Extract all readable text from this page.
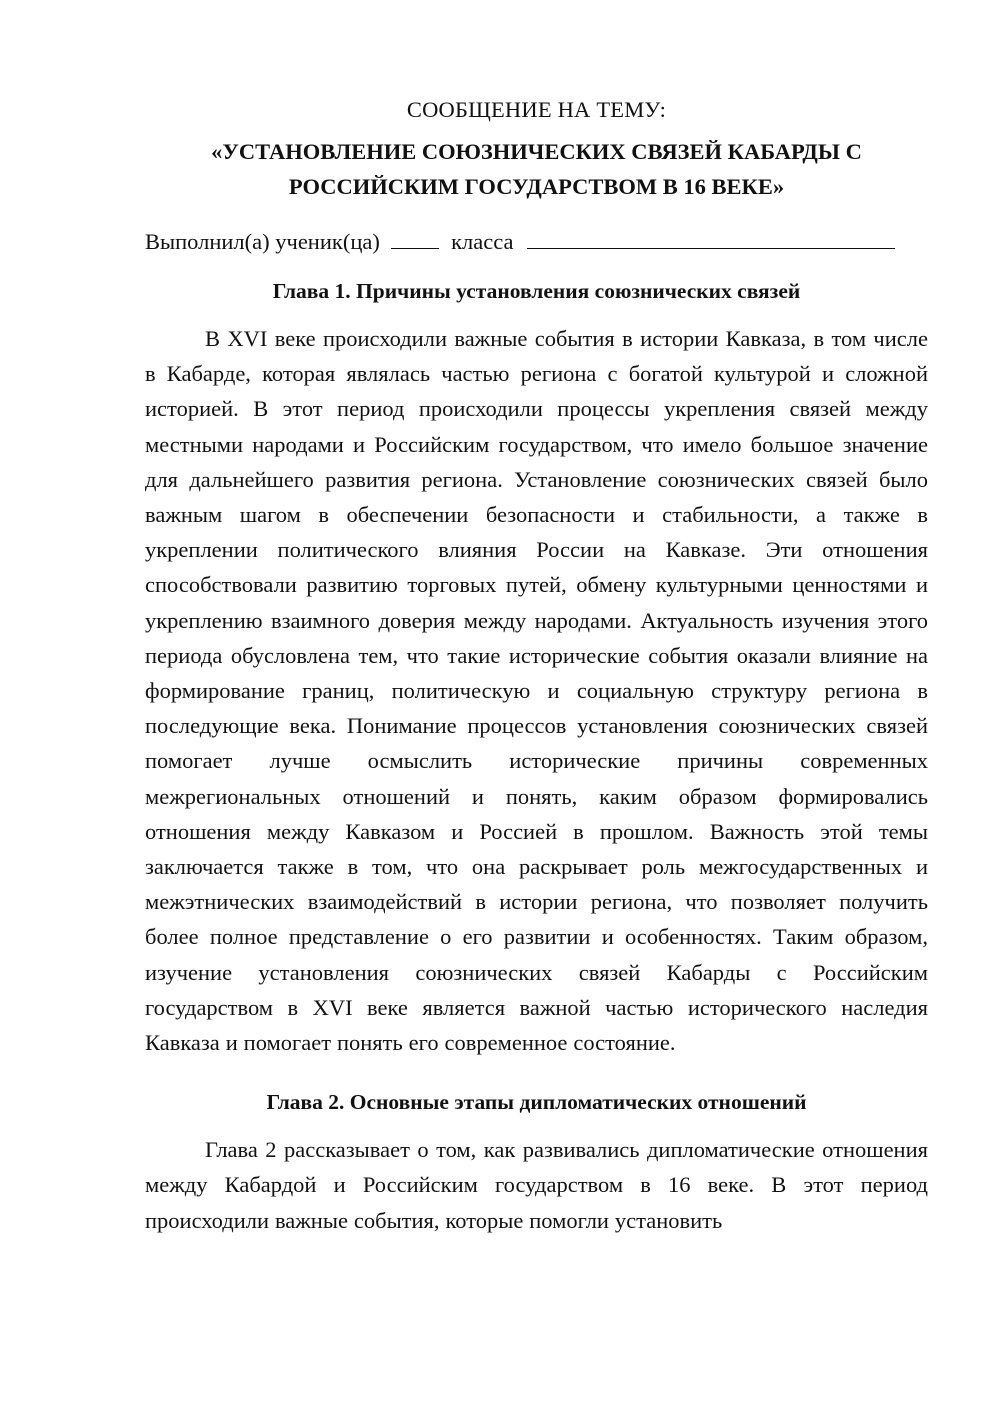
СООБЩЕНИЕ НА ТЕМУ:
«УСТАНОВЛЕНИЕ СОЮЗНИЧЕСКИХ СВЯЗЕЙ КАБАРДЫ С
РОССИЙСКИМ ГОСУДАРСТВОМ В 16 ВЕКЕ»
Выполнил(а) ученик(ца)	класса
Глава 1. Причины установления союзнических связей

В XVI веке происходили важные события в истории Кавказа, в том числе в Кабарде, которая являлась частью региона с богатой культурой и сложной историей. В этот период происходили процессы укрепления связей между местными народами и Российским государством, что имело большое значение для дальнейшего развития региона. Установление союзнических связей было важным шагом в обеспечении безопасности и стабильности, а также в укреплении политического влияния России на Кавказе. Эти отношения способствовали развитию торговых путей, обмену культурными ценностями и укреплению взаимного доверия между народами. Актуальность изучения этого периода обусловлена тем, что такие исторические события оказали влияние на формирование границ, политическую и социальную структуру региона в последующие века. Понимание процессов установления союзнических связей помогает лучше осмыслить исторические причины современных межрегиональных отношений и понять, каким образом формировались отношения между Кавказом и Россией в прошлом. Важность этой темы заключается также в том, что она раскрывает роль межгосударственных и межэтнических взаимодействий в истории региона, что позволяет получить более полное представление о его развитии и особенностях. Таким образом, изучение установления союзнических связей Кабарды с Российским государством в XVI веке является важной частью исторического наследия Кавказа и помогает понять его современное состояние.

Глава 2. Основные этапы дипломатических отношений

Глава 2 рассказывает о том, как развивались дипломатические отношения между Кабардой и Российским государством в 16 веке. В этот период происходили важные события, которые помогли установить
